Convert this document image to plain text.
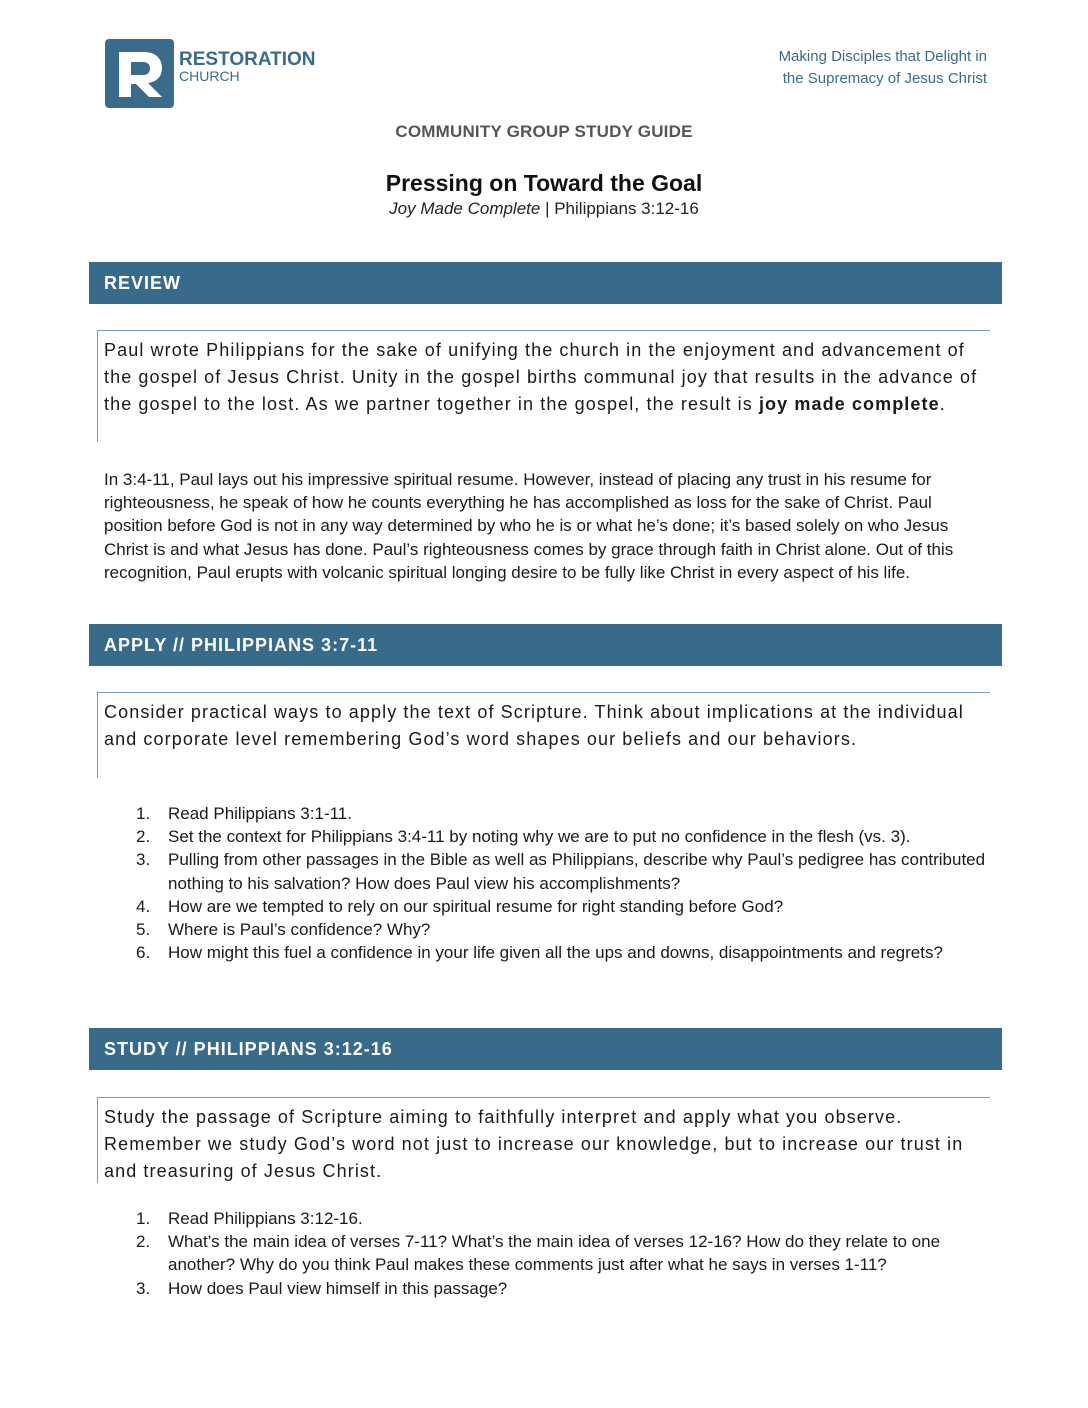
RESTORATION
CHURCH
Making Disciples that Delight in
the Supremacy of Jesus Christ
COMMUNITY GROUP STUDY GUIDE
Pressing on Toward the Goal
Joy Made Complete | Philippians 3:12-16
REVIEW
Paul wrote Philippians for the sake of unifying the church in the enjoyment and advancement of the gospel of Jesus Christ. Unity in the gospel births communal joy that results in the advance of the gospel to the lost. As we partner together in the gospel, the result is joy made complete.
In 3:4-11, Paul lays out his impressive spiritual resume. However, instead of placing any trust in his resume for righteousness, he speak of how he counts everything he has accomplished as loss for the sake of Christ. Paul position before God is not in any way determined by who he is or what he’s done; it’s based solely on who Jesus Christ is and what Jesus has done. Paul’s righteousness comes by grace through faith in Christ alone. Out of this recognition, Paul erupts with volcanic spiritual longing desire to be fully like Christ in every aspect of his life.
APPLY // PHILIPPIANS 3:7-11
Consider practical ways to apply the text of Scripture. Think about implications at the individual and corporate level remembering God’s word shapes our beliefs and our behaviors.
1. Read Philippians 3:1-11.
2. Set the context for Philippians 3:4-11 by noting why we are to put no confidence in the flesh (vs. 3).
3. Pulling from other passages in the Bible as well as Philippians, describe why Paul’s pedigree has contributed nothing to his salvation? How does Paul view his accomplishments?
4. How are we tempted to rely on our spiritual resume for right standing before God?
5. Where is Paul’s confidence? Why?
6. How might this fuel a confidence in your life given all the ups and downs, disappointments and regrets?
STUDY // PHILIPPIANS 3:12-16
Study the passage of Scripture aiming to faithfully interpret and apply what you observe. Remember we study God’s word not just to increase our knowledge, but to increase our trust in and treasuring of Jesus Christ.
1. Read Philippians 3:12-16.
2. What’s the main idea of verses 7-11? What’s the main idea of verses 12-16? How do they relate to one another? Why do you think Paul makes these comments just after what he says in verses 1-11?
3. How does Paul view himself in this passage?
